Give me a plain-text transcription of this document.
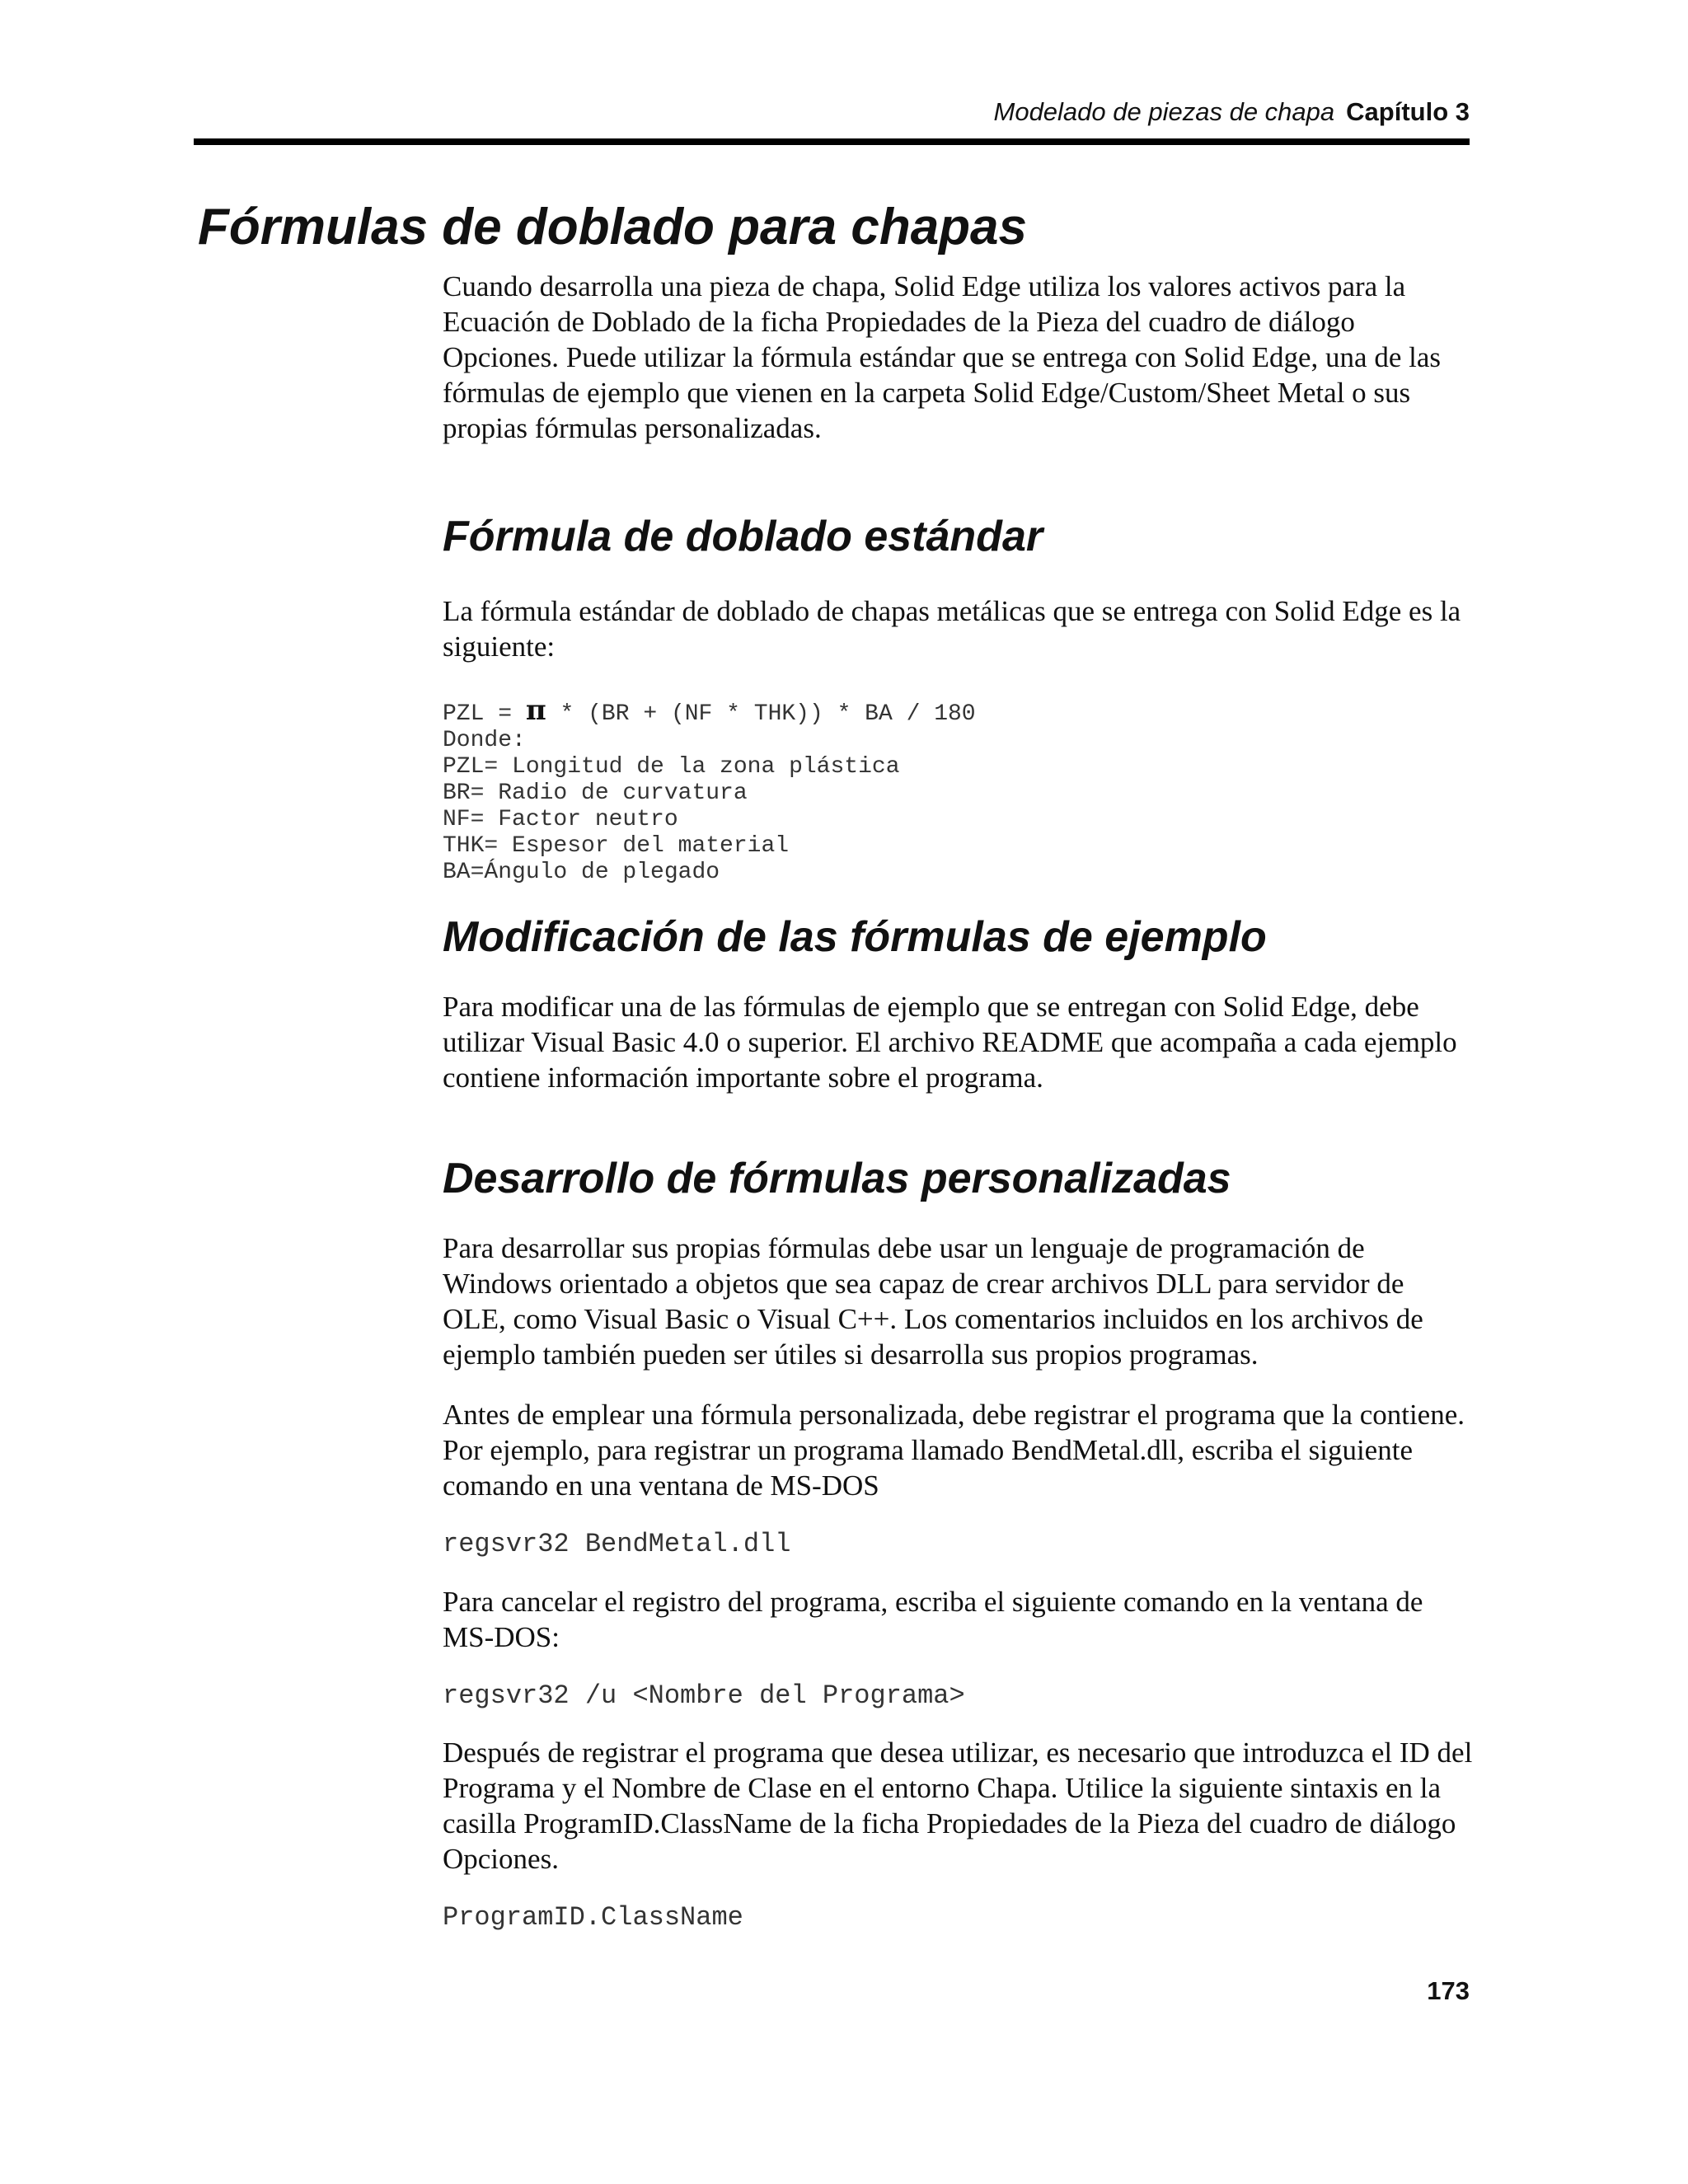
Modelado de piezas de chapa Capítulo 3
Fórmulas de doblado para chapas

Cuando desarrolla una pieza de chapa, Solid Edge utiliza los valores activos para la Ecuación de Doblado de la ficha Propiedades de la Pieza del cuadro de diálogo Opciones. Puede utilizar la fórmula estándar que se entrega con Solid Edge, una de las fórmulas de ejemplo que vienen en la carpeta Solid Edge/Custom/Sheet Metal o sus propias fórmulas personalizadas.

Fórmula de doblado estándar

La fórmula estándar de doblado de chapas metálicas que se entrega con Solid Edge es la siguiente:

PZL = π * (BR + (NF * THK)) * BA / 180
Donde:
PZL= Longitud de la zona plástica
BR= Radio de curvatura
NF= Factor neutro
THK= Espesor del material
BA=Ángulo de plegado
Modificación de las fórmulas de ejemplo

Para modificar una de las fórmulas de ejemplo que se entregan con Solid Edge, debe utilizar Visual Basic 4.0 o superior. El archivo README que acompaña a cada ejemplo contiene información importante sobre el programa.

Desarrollo de fórmulas personalizadas

Para desarrollar sus propias fórmulas debe usar un lenguaje de programación de Windows orientado a objetos que sea capaz de crear archivos DLL para servidor de OLE, como Visual Basic o Visual C++. Los comentarios incluidos en los archivos de ejemplo también pueden ser útiles si desarrolla sus propios programas.

Antes de emplear una fórmula personalizada, debe registrar el programa que la contiene. Por ejemplo, para registrar un programa llamado BendMetal.dll, escriba el siguiente comando en una ventana de MS-DOS

regsvr32 BendMetal.dll

Para cancelar el registro del programa, escriba el siguiente comando en la ventana de MS-DOS:

regsvr32 /u <Nombre del Programa>

Después de registrar el programa que desea utilizar, es necesario que introduzca el ID del Programa y el Nombre de Clase en el entorno Chapa. Utilice la siguiente sintaxis en la casilla ProgramID.ClassName de la ficha Propiedades de la Pieza del cuadro de diálogo Opciones.

ProgramID.ClassName
173
